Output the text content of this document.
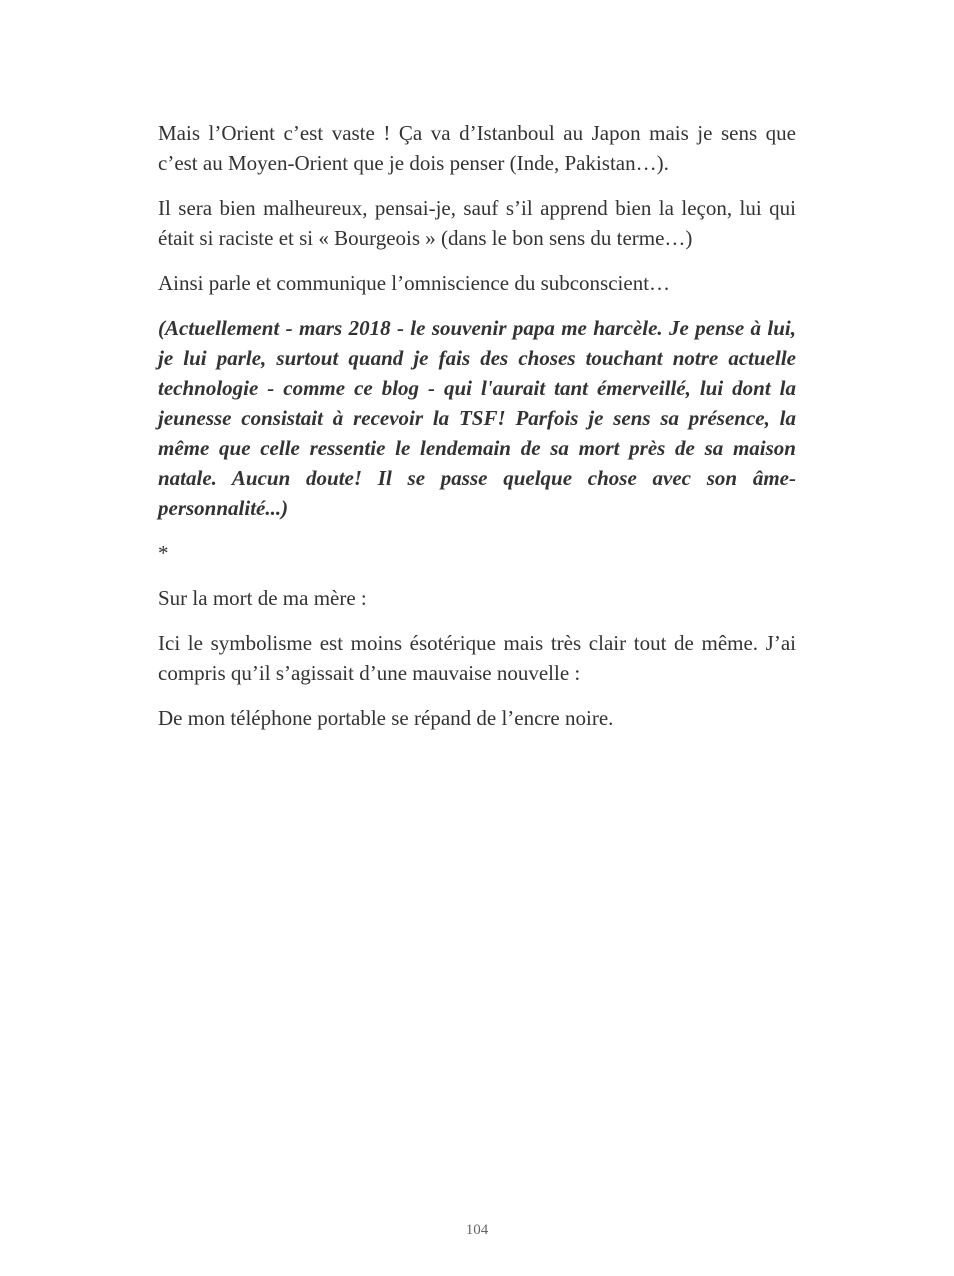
Mais l’Orient c’est vaste ! Ça va d’Istanboul au Japon mais je sens que c’est au Moyen-Orient que je dois penser (Inde, Pakistan…).

Il sera bien malheureux, pensai-je, sauf s’il apprend bien la leçon, lui qui était si raciste et si « Bourgeois » (dans le bon sens du terme…)

Ainsi parle et communique l’omniscience du subconscient…

(Actuellement - mars 2018 - le souvenir papa me harcèle. Je pense à lui, je lui parle, surtout quand je fais des choses touchant notre actuelle technologie - comme ce blog - qui l'aurait tant émerveillé, lui dont la jeunesse consistait à recevoir la TSF! Parfois je sens sa présence, la même que celle ressentie le lendemain de sa mort près de sa maison natale. Aucun doute! Il se passe quelque chose avec son âme-personnalité...)

*

Sur la mort de ma mère :

Ici le symbolisme est moins ésotérique mais très clair tout de même. J’ai compris qu’il s’agissait d’une mauvaise nouvelle :

De mon téléphone portable se répand de l’encre noire.

104
